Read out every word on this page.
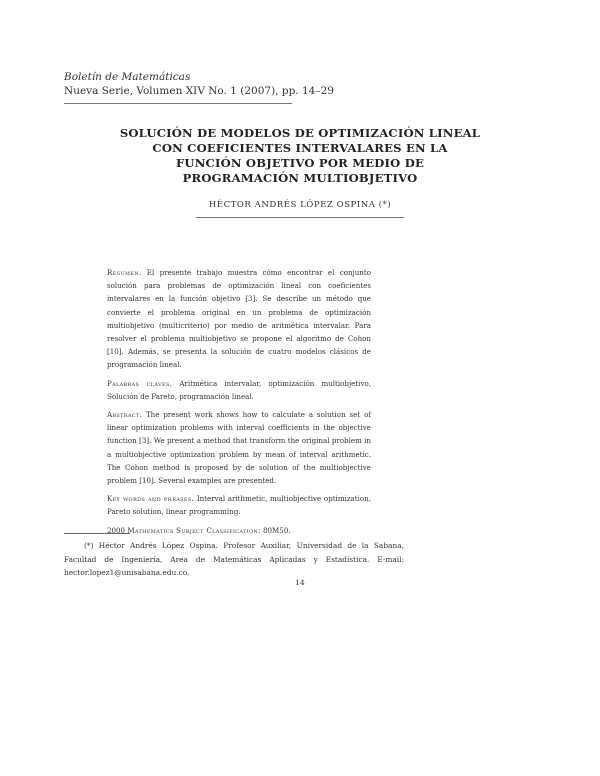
Boletín de Matemáticas
Nueva Serie, Volumen XIV No. 1 (2007), pp. 14–29
SOLUCIÓN DE MODELOS DE OPTIMIZACIÓN LINEAL
CON COEFICIENTES INTERVALARES EN LA
FUNCIÓN OBJETIVO POR MEDIO DE
PROGRAMACIÓN MULTIOBJETIVO
HÉCTOR ANDRÉS LÓPEZ OSPINA (*)

Resumen. El presente trabajo muestra cómo encontrar el conjunto solución para problemas de optimización lineal con coeficientes intervalares en la función objetivo [3]. Se describe un método que convierte el problema original en un problema de optimización multiobjetivo (multicriterio) por medio de aritmética intervalar. Para resolver el problema multiobjetivo se propone el algoritmo de Cohon [10]. Además, se presenta la solución de cuatro modelos clásicos de programación lineal.

Palabras claves. Aritmética intervalar, optimización multiobjetivo, Solución de Pareto, programación lineal.

Abstract. The present work shows how to calculate a solution set of linear optimization problems with interval coefficients in the objective function [3]. We present a method that transform the original problem in a multiobjective optimization problem by mean of interval arithmetic. The Cohon method is proposed by de solution of the multiobjective problem [10]. Several examples are presented.

Key words and phrases. Interval arithmetic, multiobjective optimization, Pareto solution, linear programming.

2000 Mathematics Subject Classification: 80M50.

(*) Héctor Andrés López Ospina. Profesor Auxiliar, Universidad de la Sabana, Facultad de Ingeniería, Area de Matemáticas Aplicadas y Estadística. E-mail: hector.lopez1@unisabana.edu.co.
14
